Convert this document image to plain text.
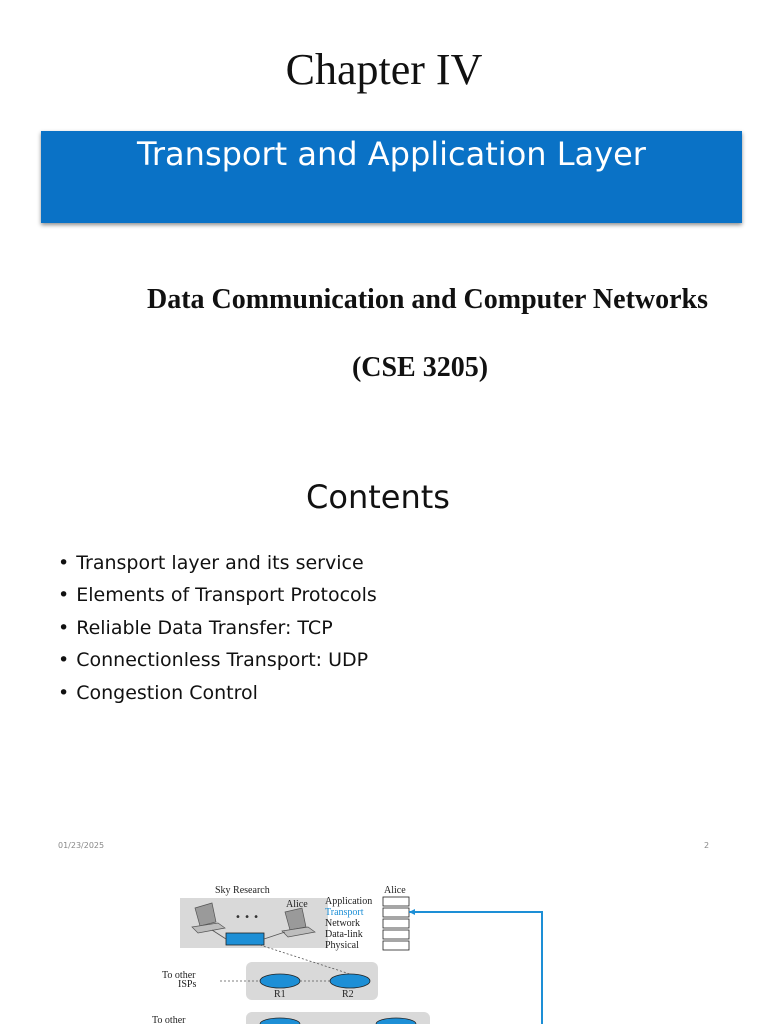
Chapter IV
Transport and Application Layer
Data Communication and Computer Networks
(CSE 3205)
Contents
• Transport layer and its service
• Elements of Transport Protocols
• Reliable Data Transfer: TCP
• Connectionless Transport: UDP
• Congestion Control
01/23/2025	2
Sky Research
• • •
Alice
Alice
Application
Transport
Network
Data-link
Physical
To other
ISPs
R1	R2
To other
